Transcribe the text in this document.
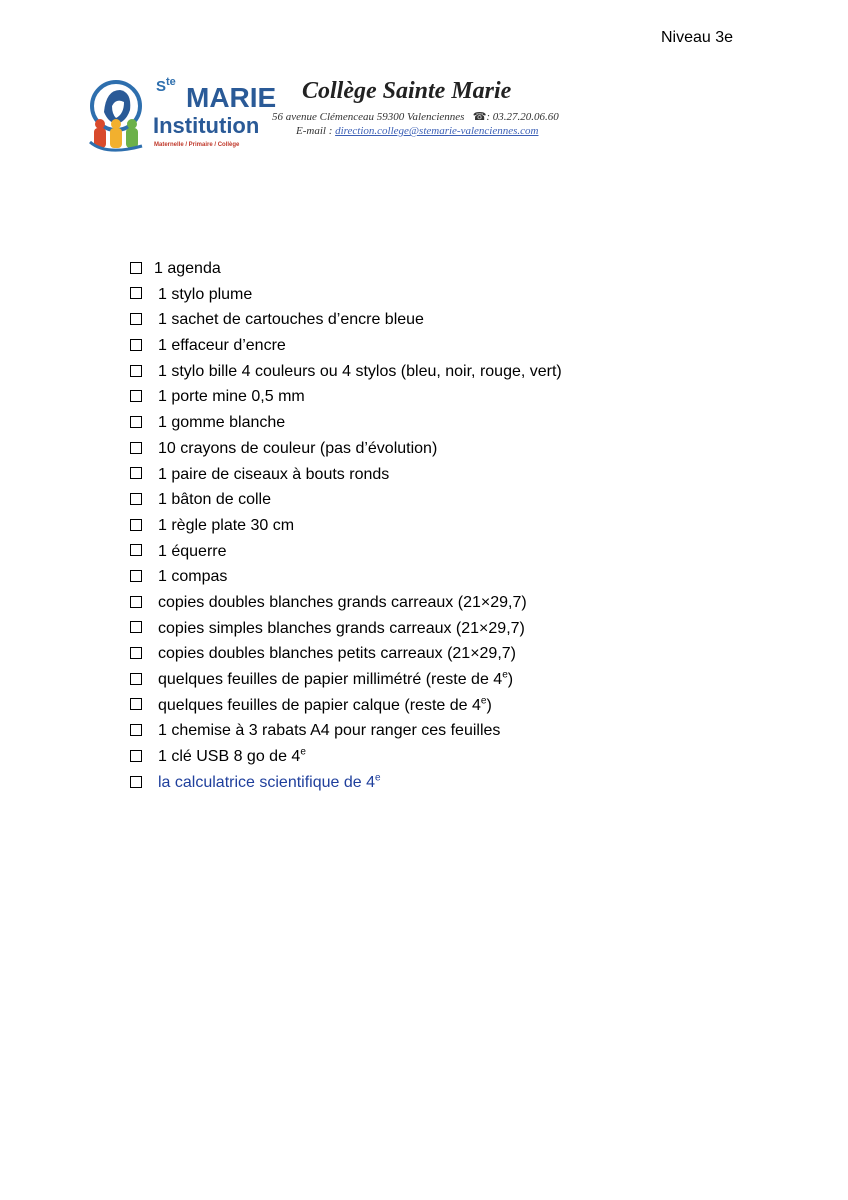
Niveau 3e
$S^{te}$ MARIE
Institution
Maternelle / Primaire / Collège
Collège Sainte Marie
56 avenue Clémenceau 59300 Valenciennes ☎: 03.27.20.06.60
E-mail : direction.college@stemarie-valenciennes.com
1 agenda
1 stylo plume
1 sachet de cartouches d’encre bleue
1 effaceur d’encre
1 stylo bille 4 couleurs ou 4 stylos (bleu, noir, rouge, vert)
1 porte mine 0,5 mm
1 gomme blanche
10 crayons de couleur (pas d’évolution)
1 paire de ciseaux à bouts ronds
1 bâton de colle
1 règle plate 30 cm
1 équerre
1 compas
copies doubles blanches grands carreaux (21×29,7)
copies simples blanches grands carreaux (21×29,7)
copies doubles blanches petits carreaux (21×29,7)
quelques feuilles de papier millimétré (reste de 4e)
quelques feuilles de papier calque (reste de 4e)
1 chemise à 3 rabats A4 pour ranger ces feuilles
1 clé USB 8 go de 4e
la calculatrice scientifique de 4e
